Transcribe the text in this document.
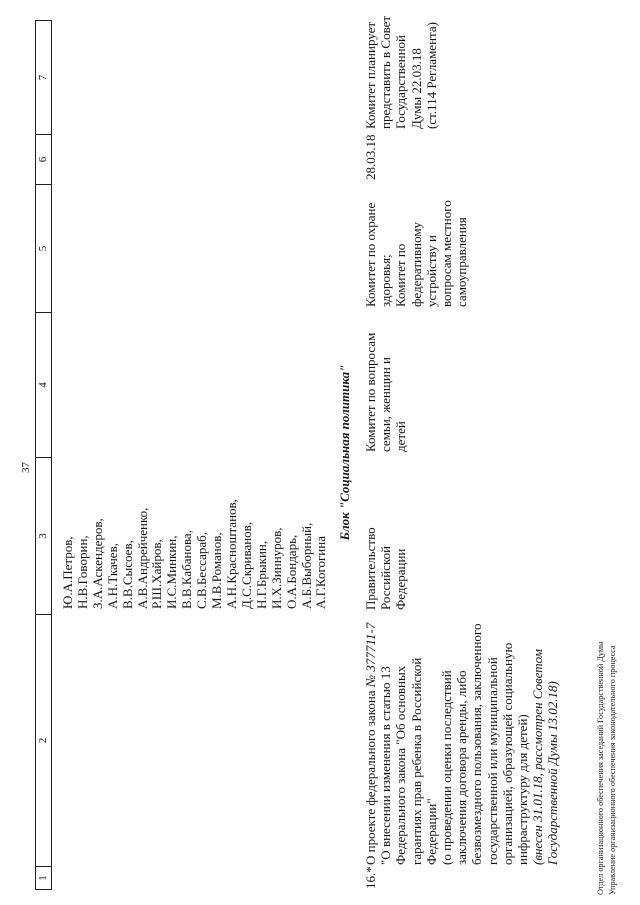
37
1
2
3
4
5
6
7
Ю.А.Петров, Н.В.Говорин, З.А.Аскендеров, А.Н.Ткачев, В.В.Сысоев, А.В.Андрейченко, Р.Ш.Хайров, И.С.Минкин, В.В.Кабанова, С.В.Бессараб, М.В.Романов, А.Н.Красноштанов, Д.С.Скриванов, Н.Г.Брыкин, И.Х.Зиннуров, О.А.Бондарь, А.Б.Выборный, А.Г.Когогина
Блок "Социальная политика"
16.*
О проекте федерального закона № 377711-7
"О внесении изменения в статью 13 Федерального закона "Об основных гарантиях прав ребенка в Российской Федерации" (о проведении оценки последствий заключения договора аренды, либо безвозмездного пользования, заключенного государственной или муниципальной организацией, образующей социальную инфраструктуру для детей) (внесен 31.01.18, рассмотрен Советом Государственной Думы 13.02.18)
Правительство Российской Федерации
Комитет по вопросам семьи, женщин и детей
Комитет по охране здоровья; Комитет по федеративному устройству и вопросам местного самоуправления
28.03.18
Комитет планирует представить в Совет Государственной Думы 22.03.18 (ст.114 Регламента)
Отдел организационного обеспечения заседаний Государственной Думы Управление организационного обеспечения законодательного процесса
